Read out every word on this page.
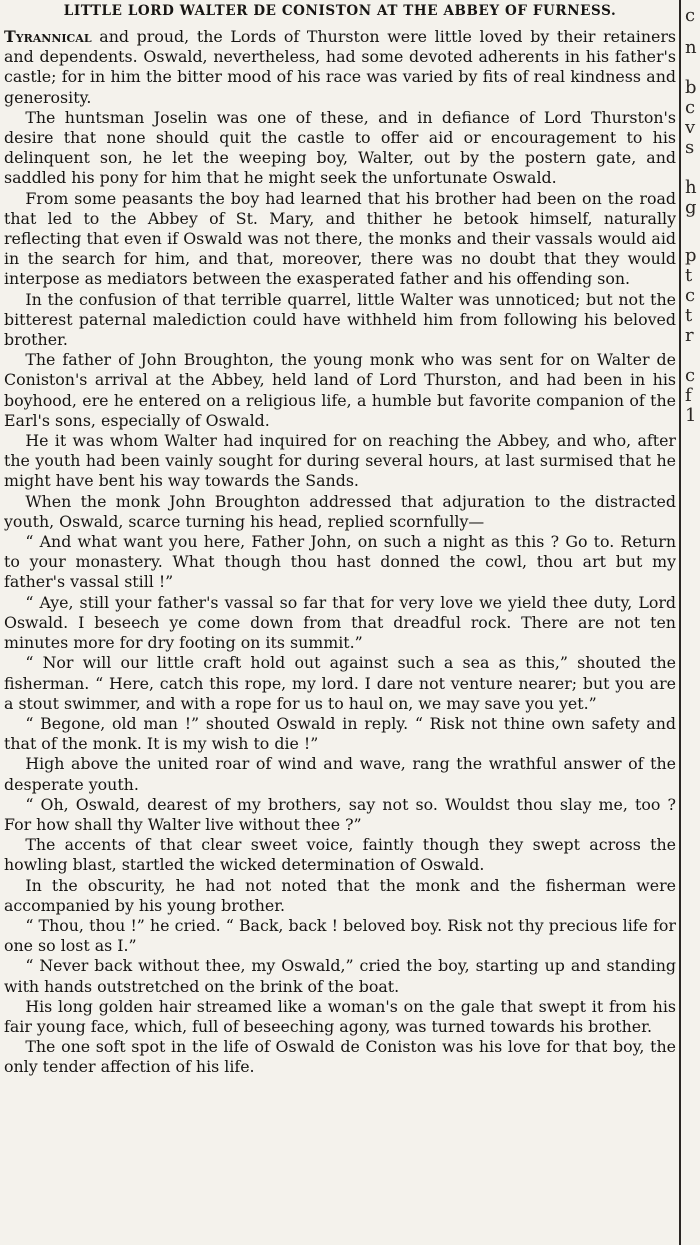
LITTLE LORD WALTER DE CONISTON AT THE ABBEY OF FURNESS.

Tyrannical and proud, the Lords of Thurston were little loved by their retainers and dependents. Oswald, nevertheless, had some devoted adherents in his father's castle; for in him the bitter mood of his race was varied by fits of real kindness and generosity.

The huntsman Joselin was one of these, and in defiance of Lord Thurston's desire that none should quit the castle to offer aid or encouragement to his delinquent son, he let the weeping boy, Walter, out by the postern gate, and saddled his pony for him that he might seek the unfortunate Oswald.

From some peasants the boy had learned that his brother had been on the road that led to the Abbey of St. Mary, and thither he betook himself, naturally reflecting that even if Oswald was not there, the monks and their vassals would aid in the search for him, and that, moreover, there was no doubt that they would interpose as mediators between the exasperated father and his offending son.

In the confusion of that terrible quarrel, little Walter was unnoticed; but not the bitterest paternal malediction could have withheld him from following his beloved brother.

The father of John Broughton, the young monk who was sent for on Walter de Coniston's arrival at the Abbey, held land of Lord Thurston, and had been in his boyhood, ere he entered on a religious life, a humble but favorite companion of the Earl's sons, especially of Oswald.

He it was whom Walter had inquired for on reaching the Abbey, and who, after the youth had been vainly sought for during several hours, at last surmised that he might have bent his way towards the Sands.

When the monk John Broughton addressed that adjuration to the distracted youth, Oswald, scarce turning his head, replied scornfully—

“ And what want you here, Father John, on such a night as this ? Go to. Return to your monastery. What though thou hast donned the cowl, thou art but my father's vassal still !”

“ Aye, still your father's vassal so far that for very love we yield thee duty, Lord Oswald. I beseech ye come down from that dreadful rock. There are not ten minutes more for dry footing on its summit.”

“ Nor will our little craft hold out against such a sea as this,” shouted the fisherman. “ Here, catch this rope, my lord. I dare not venture nearer; but you are a stout swimmer, and with a rope for us to haul on, we may save you yet.”

“ Begone, old man !” shouted Oswald in reply. “ Risk not thine own safety and that of the monk. It is my wish to die !”

High above the united roar of wind and wave, rang the wrathful answer of the desperate youth.

“ Oh, Oswald, dearest of my brothers, say not so. Wouldst thou slay me, too ? For how shall thy Walter live without thee ?”

The accents of that clear sweet voice, faintly though they swept across the howling blast, startled the wicked determination of Oswald.

In the obscurity, he had not noted that the monk and the fisherman were accompanied by his young brother.

“ Thou, thou !” he cried. “ Back, back ! beloved boy. Risk not thy precious life for one so lost as I.”

“ Never back without thee, my Oswald,” cried the boy, starting up and standing with hands outstretched on the brink of the boat.

His long golden hair streamed like a woman's on the gale that swept it from his fair young face, which, full of beseeching agony, was turned towards his brother.

The one soft spot in the life of Oswald de Coniston was his love for that boy, the only tender affection of his life.

c
n
b
c
v
s
h
g
p
t
c
t
r
c
f
1
